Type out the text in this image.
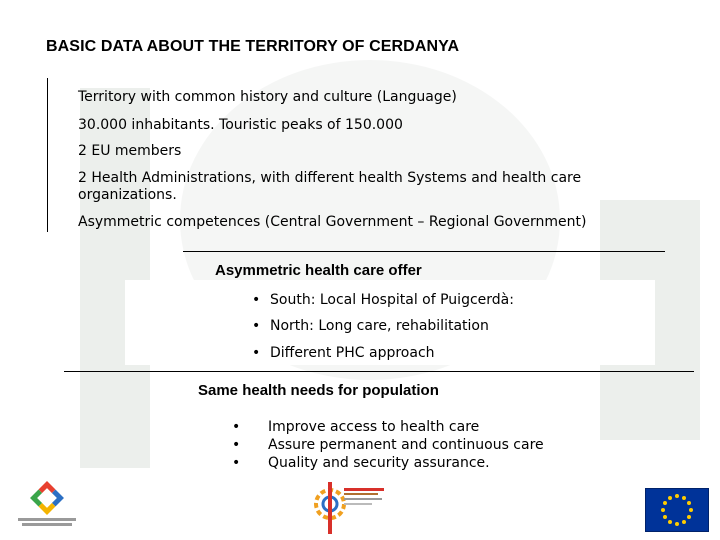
BASIC DATA ABOUT THE TERRITORY OF CERDANYA
Territory with common history and culture (Language)
30.000 inhabitants. Touristic peaks of 150.000
2 EU members
2 Health Administrations, with different health Systems and health care organizations.
Asymmetric competences (Central Government – Regional Government)
Asymmetric health care offer
• South: Local Hospital of Puigcerdà:
• North: Long care, rehabilitation
• Different PHC approach
Same health needs for population
• Improve access to health care
• Assure permanent and continuous care
• Quality and security assurance.
